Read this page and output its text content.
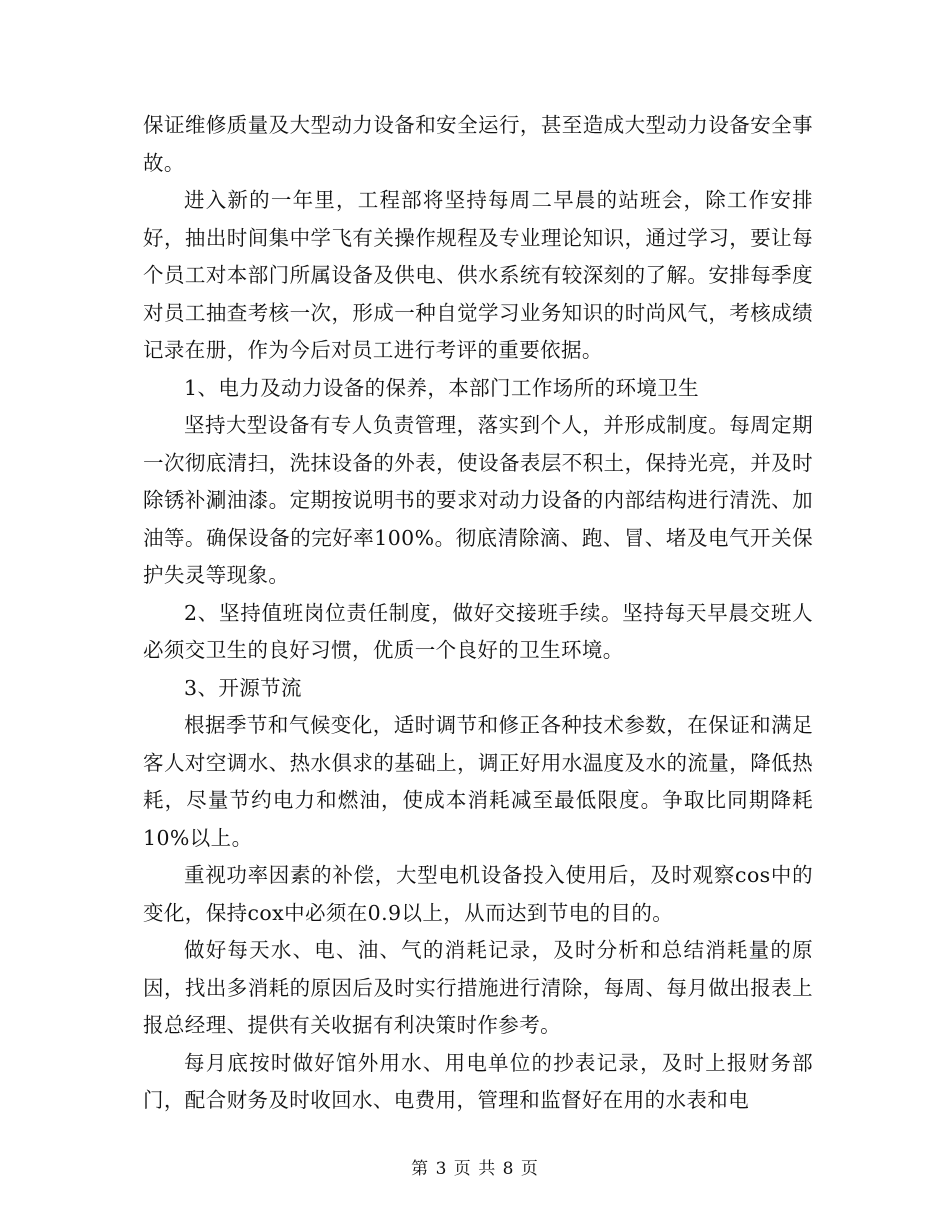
保证维修质量及大型动力设备和安全运行，甚至造成大型动力设备安全事故。

进入新的一年里，工程部将坚持每周二早晨的站班会，除工作安排好，抽出时间集中学飞有关操作规程及专业理论知识，通过学习，要让每个员工对本部门所属设备及供电、供水系统有较深刻的了解。安排每季度对员工抽查考核一次，形成一种自觉学习业务知识的时尚风气，考核成绩记录在册，作为今后对员工进行考评的重要依据。

1、电力及动力设备的保养，本部门工作场所的环境卫生

坚持大型设备有专人负责管理，落实到个人，并形成制度。每周定期一次彻底清扫，洗抹设备的外表，使设备表层不积土，保持光亮，并及时除锈补涮油漆。定期按说明书的要求对动力设备的内部结构进行清洗、加油等。确保设备的完好率100%。彻底清除滴、跑、冒、堵及电气开关保护失灵等现象。

2、坚持值班岗位责任制度，做好交接班手续。坚持每天早晨交班人必须交卫生的良好习惯，优质一个良好的卫生环境。

3、开源节流

根据季节和气候变化，适时调节和修正各种技术参数，在保证和满足客人对空调水、热水俱求的基础上，调正好用水温度及水的流量，降低热耗，尽量节约电力和燃油，使成本消耗减至最低限度。争取比同期降耗10%以上。

重视功率因素的补偿，大型电机设备投入使用后，及时观察cos中的变化，保持cox中必须在0.9以上，从而达到节电的目的。

做好每天水、电、油、气的消耗记录，及时分析和总结消耗量的原因，找出多消耗的原因后及时实行措施进行清除，每周、每月做出报表上报总经理、提供有关收据有利决策时作参考。

每月底按时做好馆外用水、用电单位的抄表记录，及时上报财务部门，配合财务及时收回水、电费用，管理和监督好在用的水表和电

第 3 页 共 8 页
